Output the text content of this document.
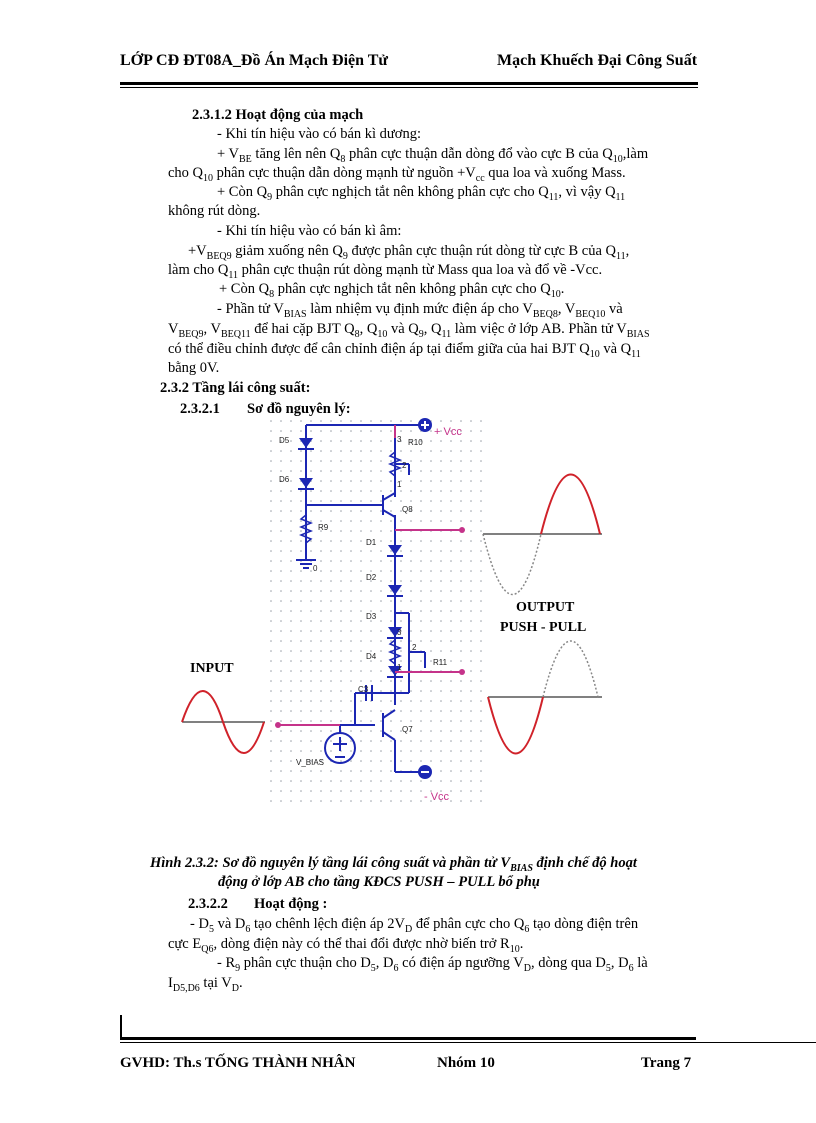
LỚP CĐ ĐT08A_Đồ Án Mạch Điện Tử	Mạch Khuếch Đại Công Suất
2.3.1.2 Hoạt động của mạch
- Khi tín hiệu vào có bán kì dương:
+ $V_{BE}$ tăng lên nên $Q_8$ phân cực thuận dẫn dòng đổ vào cực B của $Q_{10},làm$
cho $Q_{10}$ phân cực thuận dẫn dòng mạnh từ nguồn $+V_{cc}$ qua loa và xuống Mass.
+ Còn $Q_9$ phân cực nghịch tắt nên không phân cực cho $Q_{11}$, vì vậy $Q_{11}$
không rút dòng.
- Khi tín hiệu vào có bán kì âm:
$+V_{BEQ9}$ giảm xuống nên $Q_9$ được phân cực thuận rút dòng từ cực B của $Q_{11}$,
làm cho $Q_{11}$ phân cực thuận rút dòng mạnh từ Mass qua loa và đổ về -Vcc.
+ Còn $Q_8$ phân cực nghịch tắt nên không phân cực cho $Q_{10}$.
- Phần tử $V_{BIAS}$ làm nhiệm vụ định mức điện áp cho $V_{BEQ8}$, $V_{BEQ10}$ và
$V_{BEQ9}$, $V_{BEQ11}$ để hai cặp BJT $Q_8$, $Q_{10}$ và $Q_9$, $Q_{11}$ làm việc ở lớp AB. Phần tử $V_{BIAS}$
có thể điều chỉnh được để cân chỉnh điện áp tại điểm giữa của hai BJT $Q_{10}$ và $Q_{11}$
bằng 0V.
2.3.2 Tầng lái công suất:
2.3.2.1 Sơ đồ nguyên lý:
D5
D6
R10
R9
Q8
D1
D2
D3
D4
R11
C3
Q7
V_BIAS
0
3
2
1
3
2
1
+ Vcc
- Vcc
OUTPUT
PUSH - PULL
INPUT
Hình 2.3.2: Sơ đồ nguyên lý tầng lái công suất và phần tử $V_{BIAS}$ định chế độ hoạt
động ở lớp AB cho tầng KĐCS PUSH – PULL bổ phụ
2.3.2.2 Hoạt động :
- $D_5$ và $D_6$ tạo chênh lệch điện áp $2V_D$ để phân cực cho $Q_6$ tạo dòng điện trên
cực $E_{Q6}$, dòng điện này có thể thai đổi được nhờ biến trở $R_{10}$.
- $R_9$ phân cực thuận cho $D_5$, $D_6$ có điện áp ngưỡng $V_D$, dòng qua $D_5$, $D_6$ là
$I_{D5,D6}$ tại $V_D$.
GVHD: Th.s TỐNG THÀNH NHÂN	Nhóm 10	Trang 7
